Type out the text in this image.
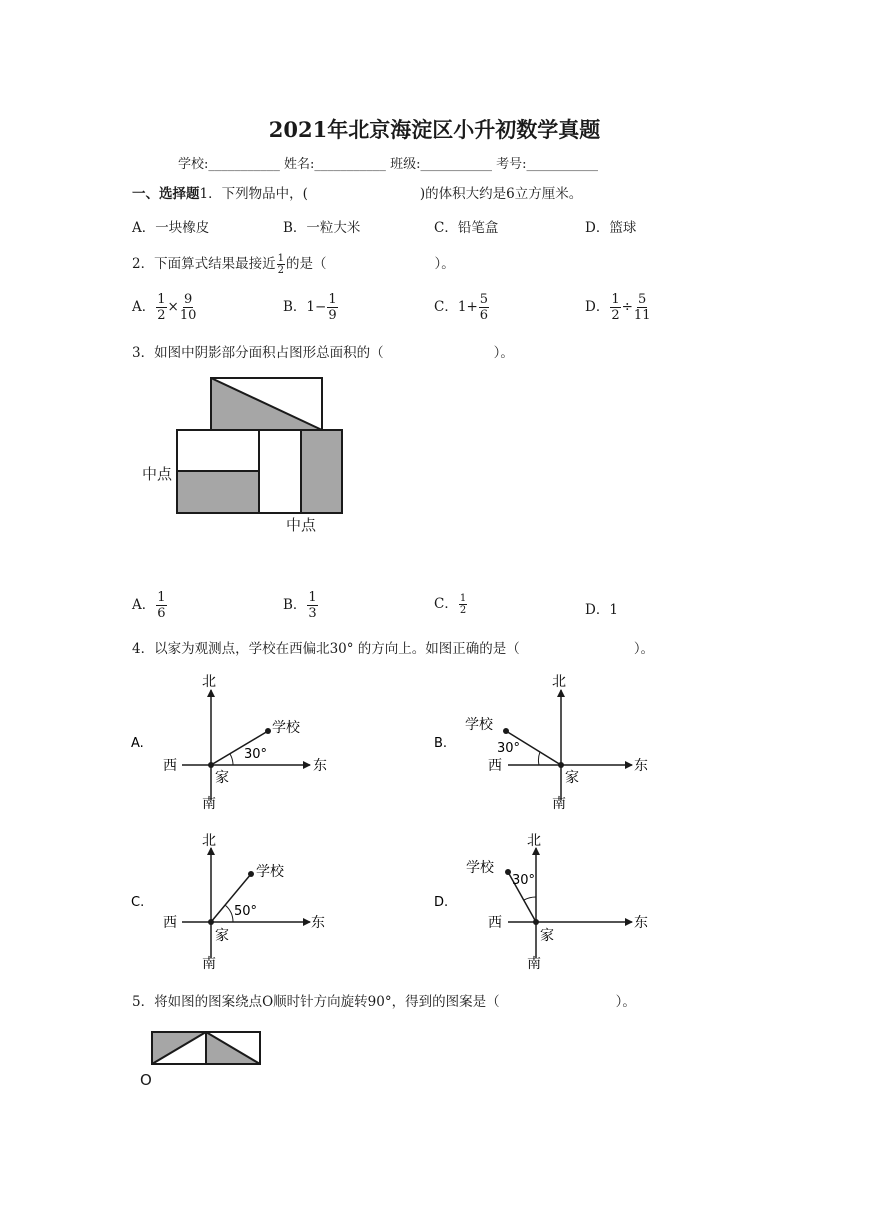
2021年北京海淀区小升初数学真题
学校:___________ 姓名:___________ 班级:___________ 考号:___________
一、选择题1．下列物品中，(	)的体积大约是6立方厘米。
A．一块橡皮	B．一粒大米	C．铅笔盒	D．篮球
2．下面算式结果最接近 $\frac{1}{2}$ 的是（	）。
A． $\frac{1}{2} \times \frac{9}{10}$	B．$1- \frac{1}{9}$	C．$1+ \frac{5}{6}$	D． $\frac{1}{2} \div \frac{5}{11}$
3．如图中阴影部分面积占图形总面积的（	）。
中点
中点
A． $\frac{1}{6}$	B． $\frac{1}{3}$	C． $\frac{1}{2}$	D．1
4．以家为观测点，学校在西偏北30° 的方向上。如图正确的是（	）。
A.
北
南
西	东
家
学校
30°
B.
北
南
西	东
家
学校
30°
C.
北
南
西	东
家
学校
50°
D.
北
南
西	东
家
学校
30°
5．将如图的图案绕点O顺时针方向旋转90°，得到的图案是（	）。
O
